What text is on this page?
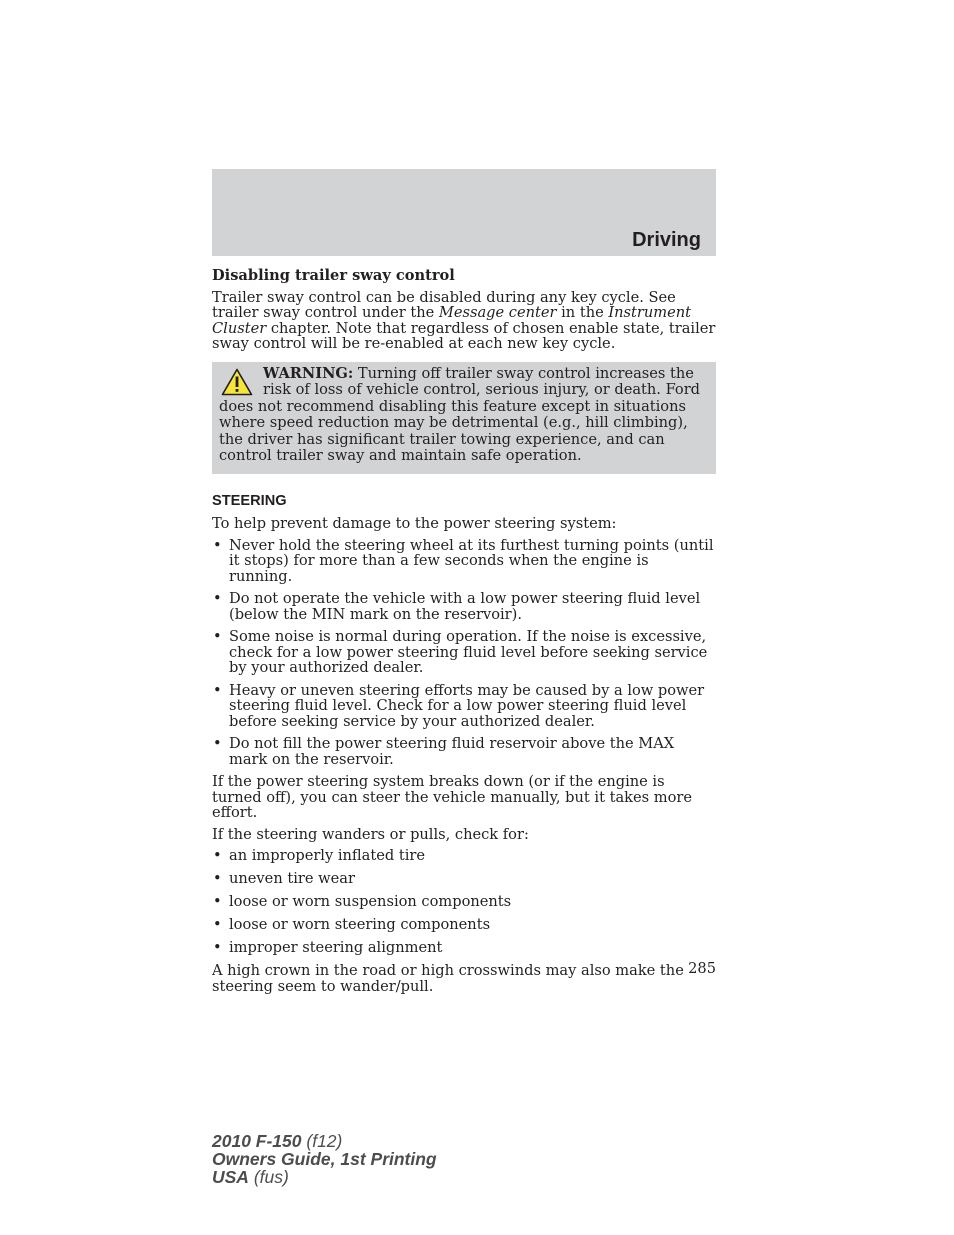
Driving
Disabling trailer sway control

Trailer sway control can be disabled during any key cycle. See trailer sway control under the Message center in the Instrument Cluster chapter. Note that regardless of chosen enable state, trailer sway control will be re-enabled at each new key cycle.

WARNING: Turning off trailer sway control increases the risk of loss of vehicle control, serious injury, or death. Ford does not recommend disabling this feature except in situations where speed reduction may be detrimental (e.g., hill climbing), the driver has significant trailer towing experience, and can control trailer sway and maintain safe operation.
STEERING

To help prevent damage to the power steering system:

• Never hold the steering wheel at its furthest turning points (until it stops) for more than a few seconds when the engine is running.
• Do not operate the vehicle with a low power steering fluid level (below the MIN mark on the reservoir).
• Some noise is normal during operation. If the noise is excessive, check for a low power steering fluid level before seeking service by your authorized dealer.
• Heavy or uneven steering efforts may be caused by a low power steering fluid level. Check for a low power steering fluid level before seeking service by your authorized dealer.
• Do not fill the power steering fluid reservoir above the MAX mark on the reservoir.

If the power steering system breaks down (or if the engine is turned off), you can steer the vehicle manually, but it takes more effort.

If the steering wanders or pulls, check for:

• an improperly inflated tire
• uneven tire wear
• loose or worn suspension components
• loose or worn steering components
• improper steering alignment

A high crown in the road or high crosswinds may also make the steering seem to wander/pull.

285
2010 F-150 (f12)
Owners Guide, 1st Printing
USA (fus)
